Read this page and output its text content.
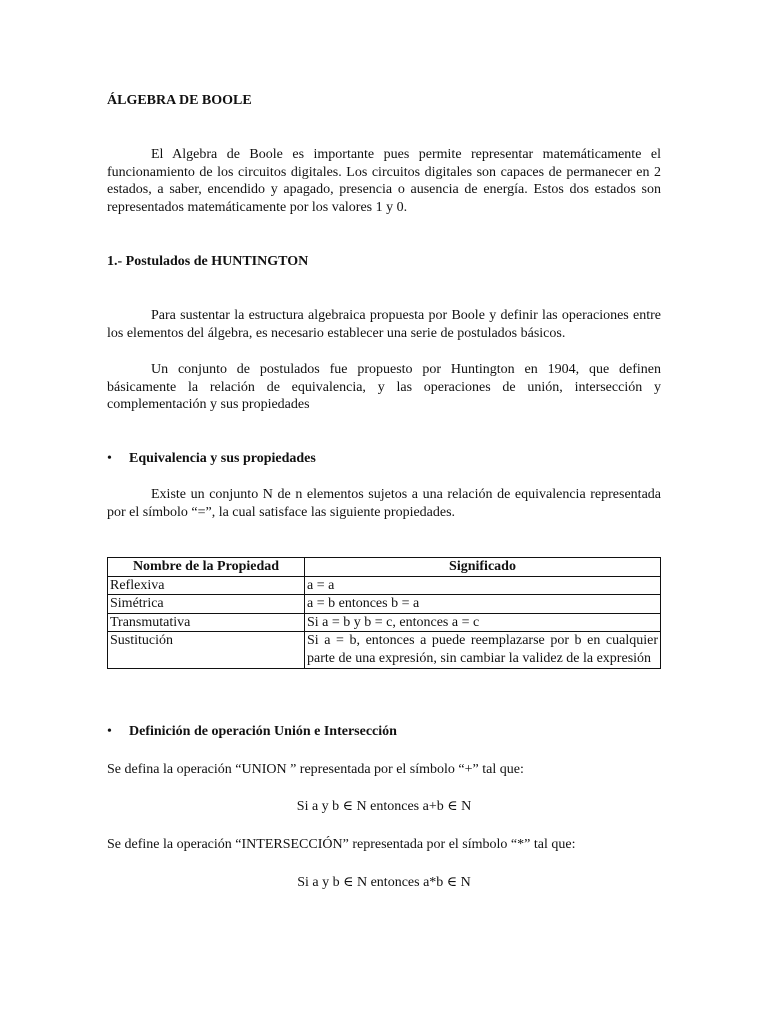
ÁLGEBRA DE BOOLE

El Algebra de Boole es importante pues permite representar matemáticamente el funcionamiento de los circuitos digitales. Los circuitos digitales son capaces de permanecer en 2 estados, a saber, encendido y apagado, presencia o ausencia de energía. Estos dos estados son representados matemáticamente por los valores 1 y 0.

1.- Postulados de HUNTINGTON

Para sustentar la estructura algebraica propuesta por Boole y definir las operaciones entre los elementos del álgebra, es necesario establecer una serie de postulados básicos.

Un conjunto de postulados fue propuesto por Huntington en 1904, que definen básicamente la relación de equivalencia, y las operaciones de unión, intersección y complementación y sus propiedades

•	Equivalencia y sus propiedades

Existe un conjunto N de n elementos sujetos a una relación de equivalencia representada por el símbolo “=”, la cual satisface las siguiente propiedades.

Nombre de la Propiedad	Significado
Reflexiva	a = a
Simétrica	a = b entonces b = a
Transmutativa	Si a = b y b = c, entonces a = c
Sustitución	Si a = b, entonces a puede reemplazarse por b en cualquier parte de una expresión, sin cambiar la validez de la expresión
•	Definición de operación Unión e Intersección
Se defina la operación “UNION ” representada por el símbolo “+” tal que:
Si a y b ∈ N entonces a+b ∈ N
Se define la operación “INTERSECCIÓN” representada por el símbolo “*” tal que:
Si a y b ∈ N entonces a*b ∈ N
